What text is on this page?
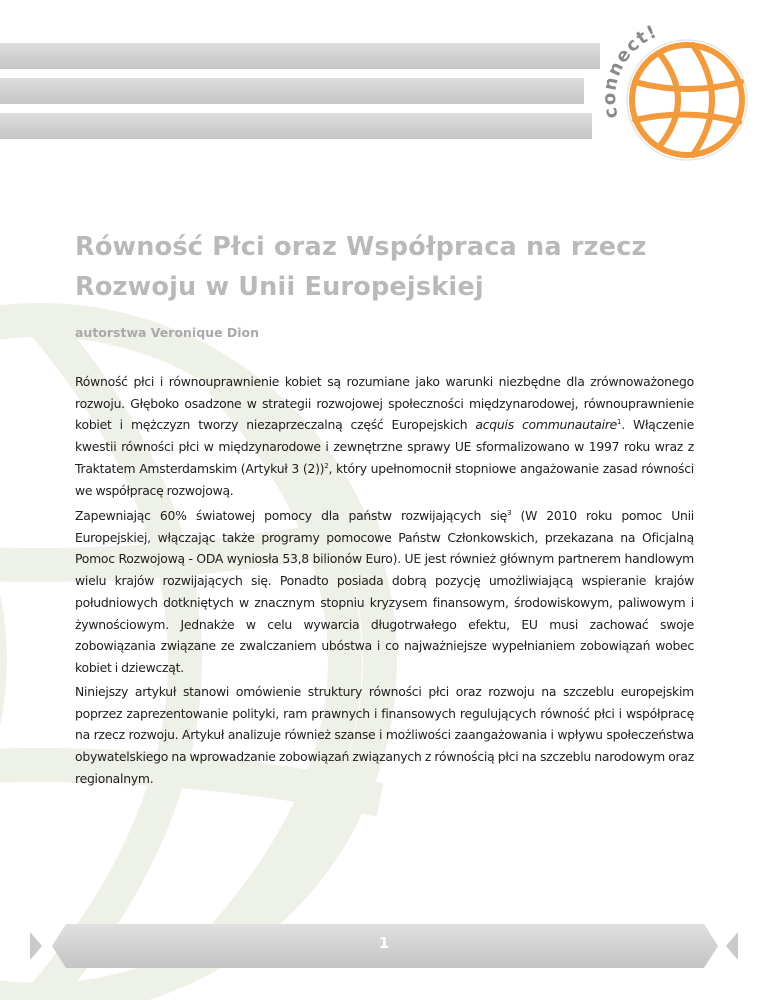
connect!
Równość Płci oraz Współpraca na rzecz Rozwoju w Unii Europejskiej

autorstwa Veronique Dion

Równość płci i równouprawnienie kobiet są rozumiane jako warunki niezbędne dla zrównoważonego rozwoju. Głęboko osadzone w strategii rozwojowej społeczności międzynarodowej, równouprawnienie kobiet i mężczyzn tworzy niezaprzeczalną część Europejskich acquis communautaire$^1$. Włączenie kwestii równości płci w międzynarodowe i zewnętrzne sprawy UE sformalizowano w 1997 roku wraz z Traktatem Amsterdamskim (Artykuł 3 (2))$^2$, który upełnomocnił stopniowe angażowanie zasad równości we współpracę rozwojową.

Zapewniając 60% światowej pomocy dla państw rozwijających się$^3$ (W 2010 roku pomoc Unii Europejskiej, włączając także programy pomocowe Państw Członkowskich, przekazana na Oficjalną Pomoc Rozwojową - ODA wyniosła 53,8 bilionów Euro). UE jest również głównym partnerem handlowym wielu krajów rozwijających się. Ponadto posiada dobrą pozycję umożliwiającą wspieranie krajów południowych dotkniętych w znacznym stopniu kryzysem finansowym, środowiskowym, paliwowym i żywnościowym. Jednakże w celu wywarcia długotrwałego efektu, EU musi zachować swoje zobowiązania związane ze zwalczaniem ubóstwa i co najważniejsze wypełnianiem zobowiązań wobec kobiet i dziewcząt.

Niniejszy artykuł stanowi omówienie struktury równości płci oraz rozwoju na szczeblu europejskim poprzez zaprezentowanie polityki, ram prawnych i finansowych regulujących równość płci i współpracę na rzecz rozwoju. Artykuł analizuje również szanse i możliwości zaangażowania i wpływu społeczeństwa obywatelskiego na wprowadzanie zobowiązań związanych z równością płci na szczeblu narodowym oraz regionalnym.

1
